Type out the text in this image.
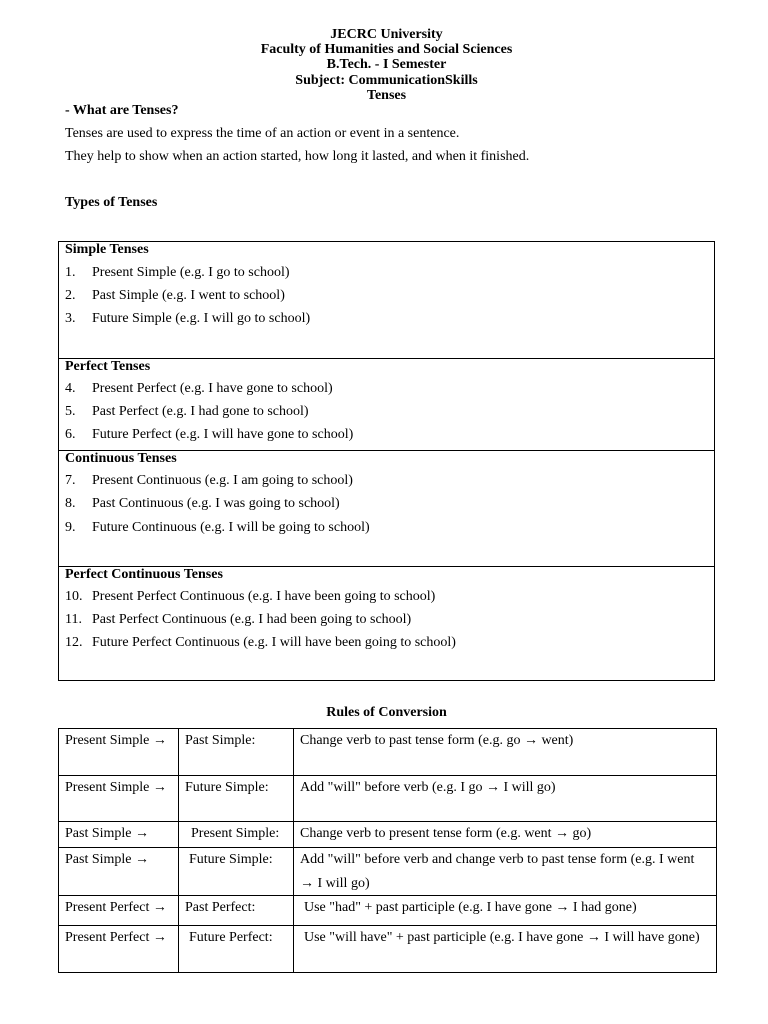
JECRC University
Faculty of Humanities and Social Sciences
B.Tech. - I Semester
Subject: CommunicationSkills
Tenses
- What are Tenses?
Tenses are used to express the time of an action or event in a sentence.
They help to show when an action started, how long it lasted, and when it finished.
Types of Tenses
Simple Tenses
1. Present Simple (e.g. I go to school)
2. Past Simple (e.g. I went to school)
3. Future Simple (e.g. I will go to school)
Perfect Tenses
4. Present Perfect (e.g. I have gone to school)
5. Past Perfect (e.g. I had gone to school)
6. Future Perfect (e.g. I will have gone to school)
Continuous Tenses
7. Present Continuous (e.g. I am going to school)
8. Past Continuous (e.g. I was going to school)
9. Future Continuous (e.g. I will be going to school)
Perfect Continuous Tenses
10. Present Perfect Continuous (e.g. I have been going to school)
11. Past Perfect Continuous (e.g. I had been going to school)
12. Future Perfect Continuous (e.g. I will have been going to school)
Rules of Conversion
Present Simple →	Past Simple:	Change verb to past tense form (e.g. go → went)

Present Simple →	Future Simple:	Add "will" before verb (e.g. I go → I will go)

Past Simple →	Present Simple:	Change verb to present tense form (e.g. went → go)

Past Simple →	Future Simple:	Add "will" before verb and change verb to past tense form (e.g. I went → I will go)

Present Perfect →	Past Perfect:	Use "had" + past participle (e.g. I have gone → I had gone)

Present Perfect →	Future Perfect:	Use "will have" + past participle (e.g. I have gone → I will have gone)
